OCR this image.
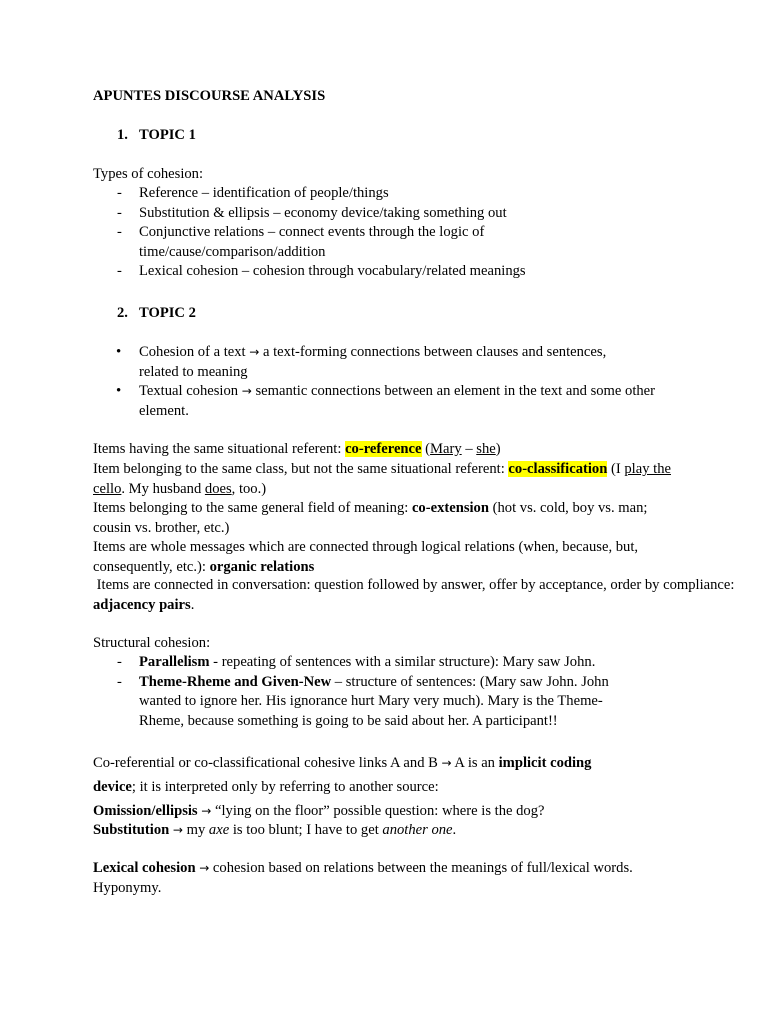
APUNTES DISCOURSE ANALYSIS

1. TOPIC 1

Types of cohesion:

- Reference – identification of people/things
- Substitution & ellipsis – economy device/taking something out
- Conjunctive relations – connect events through the logic of time/cause/comparison/addition
- Lexical cohesion – cohesion through vocabulary/related meanings

2. TOPIC 2

• Cohesion of a text → a text-forming connections between clauses and sentences, related to meaning
• Textual cohesion → semantic connections between an element in the text and some other element.

Items having the same situational referent: co-reference (Mary – she)

Item belonging to the same class, but not the same situational referent: co-classification (I play the cello. My husband does, too.)

Items belonging to the same general field of meaning: co-extension (hot vs. cold, boy vs. man; cousin vs. brother, etc.)

Items are whole messages which are connected through logical relations (when, because, but, consequently, etc.): organic relations

Items are connected in conversation: question followed by answer, offer by acceptance, order by compliance: adjacency pairs.

Structural cohesion:

- Parallelism - repeating of sentences with a similar structure): Mary saw John.
- Theme-Rheme and Given-New – structure of sentences: (Mary saw John. John wanted to ignore her. His ignorance hurt Mary very much). Mary is the Theme-Rheme, because something is going to be said about her. A participant!!

Co-referential or co-classificational cohesive links A and B → A is an implicit coding device; it is interpreted only by referring to another source:

Omission/ellipsis → “lying on the floor” possible question: where is the dog?

Substitution → my axe is too blunt; I have to get another one.

Lexical cohesion → cohesion based on relations between the meanings of full/lexical words. Hyponymy.
